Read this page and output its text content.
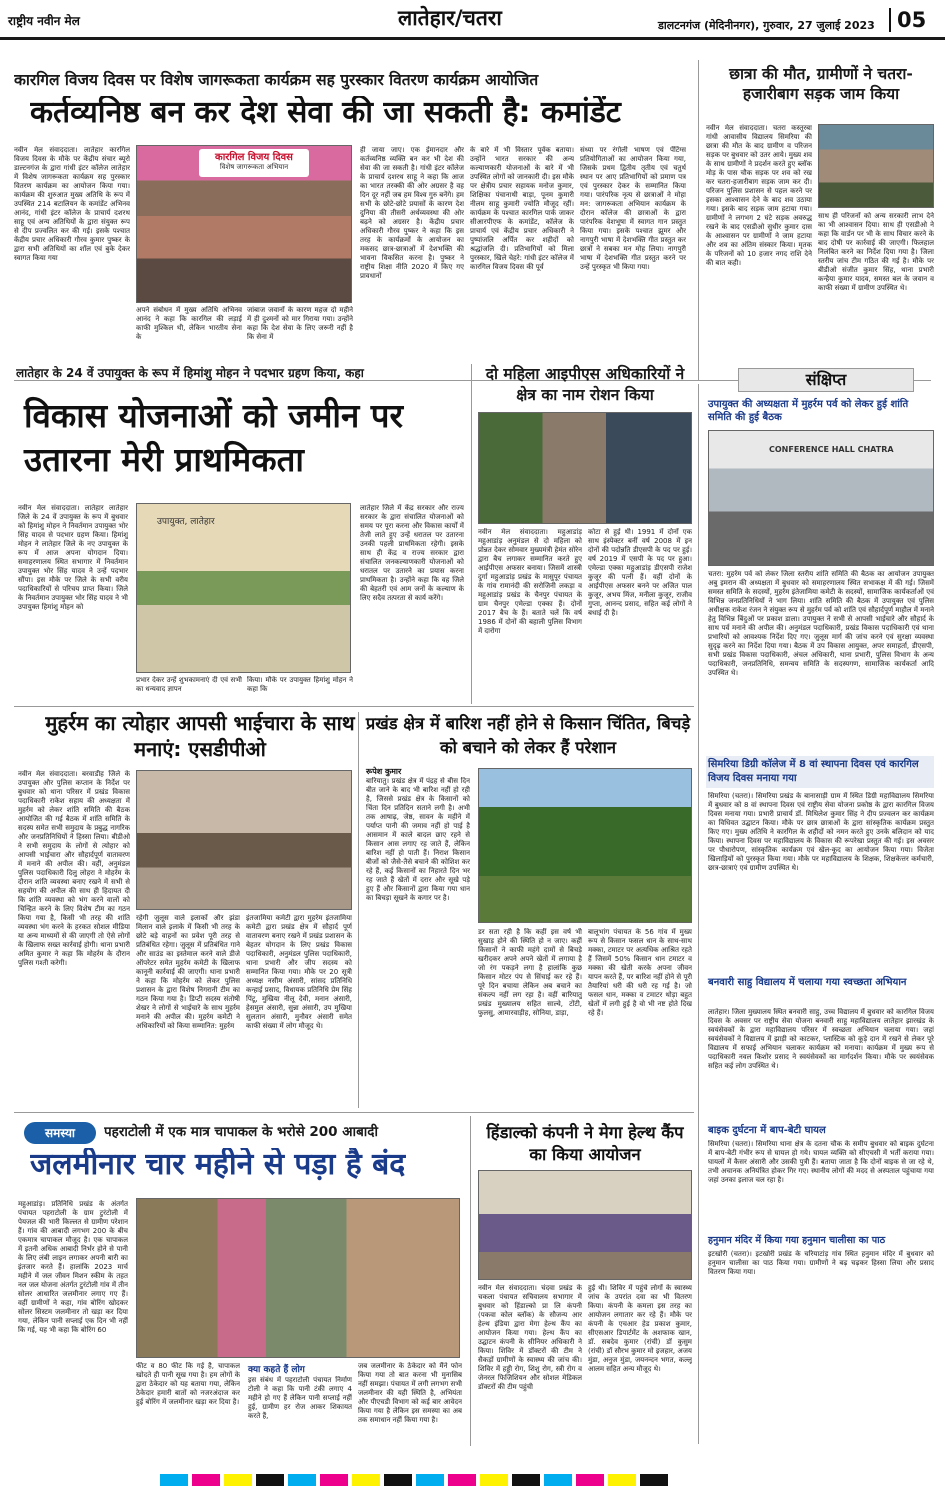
राष्ट्रीय नवीन मेल	लातेहार/चतरा	डालटनगंज (मेदिनीनगर), गुरुवार, 27 जुलाई 2023	05
कारगिल विजय दिवस पर विशेष जागरूकता कार्यक्रम सह पुरस्कार वितरण कार्यक्रम आयोजित
कर्तव्यनिष्ठ बन कर देश सेवा की जा सकती है: कमांडेंट
नवीन मेल संवाददाता। लातेहार कारगिल विजय दिवस के मौके पर केंद्रीय संचार ब्यूरो डाल्टनगंज के द्वारा गांधी इंटर कॉलेज लातेहार में विशेष जागरूकता कार्यक्रम सह पुरस्कार वितरण कार्यक्रम का आयोजन किया गया। कार्यक्रम की शुरुआत मुख्य अतिथि के रूप में उपस्थित 214 बटालियन के कमांडेंट अभिनव आनंद, गांधी इंटर कॉलेज के प्राचार्य दशरथ साहू एवं अन्य अतिथियों के द्वारा संयुक्त रूप से दीप प्रज्वलित कर की गई। इसके पश्चात केंद्रीय प्रचार अधिकारी गौरव कुमार पुष्कर के द्वारा सभी अतिथियों का शॉल एवं बुके देकर स्वागत किया गया
कारगिल विजय दिवस
विशेष जागरूकता अभियान
अपने संबोधन में मुख्य अतिथि अभिनव आनंद ने कहा कि कारगिल की लड़ाई काफी मुश्किल थी, लेकिन भारतीय सेना के
जांबाज जवानों के कारण महज दो महीने में ही दुश्मनों को मार गिराया गया। उन्होंने कहा कि देश सेवा के लिए जरूरी नहीं है कि सेना में
ही जाया जाए। एक ईमानदार और कर्तव्यनिष्ठ व्यक्ति बन कर भी देश की सेवा की जा सकती है। गांधी इंटर कॉलेज के प्राचार्य दशरथ साहू ने कहा कि आज का भारत तरक्की की ओर अग्रसर है वह दिन दूर नहीं जब हम विश्व गुरु बनेंगे। हम सभी के छोटे-छोटे प्रयासों के कारण देश दुनिया की तीसरी अर्थव्यवस्था की ओर बढ़ने को अग्रसर है। केंद्रीय प्रचार अधिकारी गौरव पुष्कर ने कहा कि इस तरह के कार्यक्रमों के आयोजन का मकसद छात्र-छात्राओं में देशभक्ति की भावना विकसित करना है। पुष्कर ने राष्ट्रीय शिक्षा नीति 2020 में किए गए प्रावधानों
के बारे में भी विस्तार पूर्वक बताया। उन्होंने भारत सरकार की अन्य कल्याणकारी योजनाओं के बारे में भी उपस्थित लोगों को जानकारी दी। इस मौके पर क्षेत्रीय प्रचार सहायक मनोज कुमार, शिक्षिका पंचानाथी बाड़ा, पूनम कुमारी नीलम साहू कुमारी ज्योति मौजूद रहीं। कार्यक्रम के पश्चात कारगिल पार्क जाकर सीआरपीएफ के कमांडेंट, कॉलेज के प्राचार्य एवं केंद्रीय प्रचार अधिकारी ने पुष्पांजलि अर्पित कर शहीदों को श्रद्धांजलि दी। प्रतिभागियों को मिला पुरस्कार, खिले चेहरे: गांधी इंटर कॉलेज में कारगिल विजय दिवस की पूर्व
संध्या पर रंगोली भाषण एवं पेंटिंग्स प्रतियोगिताओं का आयोजन किया गया, जिसके प्रथम द्वितीय तृतीय एवं चतुर्थ स्थान पर आए प्रतिभागियों को प्रमाण पत्र एवं पुरस्कार देकर के सम्मानित किया गया। पारंपरिक नृत्य से छात्राओं ने मोहा मन: जागरूकता अभियान कार्यक्रम के दौरान कॉलेज की छात्राओं के द्वारा पारंपरिक वेशभूषा में स्वागत गान प्रस्तुत किया गया। इसके पश्चात झूमर और नागपुरी भाषा में देशभक्ति गीत प्रस्तुत कर छात्रों ने सबका मन मोह लिया। नागपुरी भाषा में देशभक्ति गीत प्रस्तुत करने पर उन्हें पुरस्कृत भी किया गया।
छात्रा की मौत, ग्रामीणों ने चतरा-हजारीबाग सड़क जाम किया
नवीन मेल संवाददाता। चतरा कस्तूरबा गांधी आवासीय विद्यालय सिमरिया की छात्रा की मौत के बाद ग्रामीण व परिजन सड़क पर बुधवार को उतर आये। मुख्य शव के साथ ग्रामीणों ने प्रदर्शन करते हुए ब्लॉक मोड़ के पास चौक सड़क पर शव को रख कर चतरा-हजारीबाग सड़क जाम कर दी। परिजन पुलिस प्रशासन से पहल करने पर इसका आश्वासन देने के बाद शव उठाया गया। इसके बाद सड़क जाम हटाया गया। ग्रामीणों ने लगभग 2 घंटे सड़क अवरुद्ध रखने के बाद एसडीओ सुधीर कुमार दास के आश्वासन पर ग्रामीणों ने जाम हटाया और शव का अंतिम संस्कार किया। मृतक के परिजनों को 10 हजार नगद राशि देने की बात कही।
साथ ही परिजनों को अन्य सरकारी लाभ देने का भी आश्वासन दिया। साथ ही एसडीओ ने कहा कि वार्डन पर भी के साथ विचार करने के बाद दोषी पर कार्रवाई की जाएगी। फिलहाल निलंबित करने का निर्देश दिया गया है। जिला स्तरीय जांच टीम गठित की गई है। मौके पर बीडीओ संजीत कुमार सिंह, थाना प्रभारी कन्हैया कुमार यादव, समस्त बल के जवान व काफी संख्या में ग्रामीण उपस्थित थे।
लातेहार के 24 वें उपायुक्त के रूप में हिमांशु मोहन ने पदभार ग्रहण किया, कहा
विकास योजनाओं को जमीन पर उतारना मेरी प्राथमिकता
नवीन मेल संवाददाता। लातेहार लातेहार जिले के 24 वें उपायुक्त के रूप में बुधवार को हिमांशु मोहन ने निवर्तमान उपायुक्त भोर सिंह यादव से पदभार ग्रहण किया। हिमांशु मोहन ने लातेहार जिले के नए उपायुक्त के रूप में आज अपना योगदान दिया। समाहरणालय स्थित सभागार में निवर्तमान उपायुक्त भोर सिंह यादव ने उन्हें पदभार सौंपा। इस मौके पर जिले के सभी वरीय पदाधिकारियों से परिचय प्राप्त किया। जिले के निवर्तमान उपायुक्त भोर सिंह यादव ने भी उपायुक्त हिमांशु मोहन को
उपायुक्त, लातेहार
प्रभार देकर उन्हें शुभकामनाएं दी एवं सभी का धन्यवाद ज्ञापन
किया। मौके पर उपायुक्त हिमांशु मोहन ने कहा कि
लातेहार जिले में केंद्र सरकार और राज्य सरकार के द्वारा संचालित योजनाओं को समय पर पूरा करना और विकास कार्यों में तेजी लाते हुए उन्हें धरातल पर उतारना उनकी पहली प्राथमिकता रहेगी। इसके साथ ही केंद्र व राज्य सरकार द्वारा संचालित जनकल्याणकारी योजनाओं को धरातल पर उतारने का प्रयास करना प्राथमिकता है। उन्होंने कहा कि वह जिले की बेहतरी एवं आम जनों के कल्याण के लिए सदैव तत्परता से कार्य करेंगे।
दो महिला आइपीएस अधिकारियों ने क्षेत्र का नाम रोशन किया
नवीन मेल संवाददाता। महुआडांड़ महुआडांड़ अनुमंडल से दो महिला को प्रोन्नत देकर सोमवार मुख्यमंत्री हेमंत सोरेन द्वारा बैच लगाकर सम्मानित करते हुए आईपीएस अफसर बनाया। जिसमें शास्त्री दुर्गा महुआडांड़ प्रखंड के मासुपूर पंचायत के गांव रामानंदी की सरोजिनी लकड़ा व महुआडांड़ प्रखंड के चैनपुर पंचायत के ग्राम चैनपुर एमेल्डा एक्का हैं। दोनों 2017 बैच के हैं। बताते चलें कि वर्ष 1986 में दोनों की बहाली पुलिस विभाग में दारोगा
कोटा से हुई थी। 1991 में दोनों एक साथ इंस्पेक्टर बनीं वर्ष 2008 में इन दोनों की पदोन्नति डीएसपी के पद पर हुई। वर्ष 2019 में एसपी के पद पर हुआ। एमेल्डा एक्का महुआडांड़ डीएसपी राजेश कुजूर की पत्नी हैं। वहीं दोनों के आईपीएस अफसर बनने पर अजित पाल कुजूर, अभय मिंज, मनीला कुजूर, राजीव गुप्ता, आनन्द प्रसाद, सहित कई लोगों ने बधाई दी है।
मुहर्रम का त्योहार आपसी भाईचारा के साथ मनाएं: एसडीपीओ
नवीन मेल संवाददाता। बरवाडीह जिले के उपायुक्त और पुलिस कप्तान के निर्देश पर बुधवार को थाना परिसर में प्रखंड विकास पदाधिकारी राकेश सहाय की अध्यक्षता में मुहर्रम को लेकर शांति समिति की बैठक आयोजित की गई बैठक में शांति समिति के सदस्य समेत सभी समुदाय के प्रबुद्ध नागरिक और जनप्रतिनिधियों ने हिस्सा लिया। बीडीओ ने सभी समुदाय के लोगों से त्योहार को आपसी भाईचारा और सौहार्दपूर्ण वातावरण में मनाने की अपील की। वहीं, अनुमंडल पुलिस पदाधिकारी दिलु लोहरा ने मोहर्रम के दौरान शांति व्यवस्था बनाए रखने में सभी से सहयोग की अपील की साथ ही हिदायत दी कि शांति व्यवस्था को भंग करने वालों को चिन्हित करने के लिए विशेष टीम का गठन किया गया है, किसी भी तरह की शांति व्यवस्था भंग करने के हरकत सोशल मीडिया या अन्य माध्यमों से की जाएगी तो ऐसे लोगों के खिलाफ सख्त कार्रवाई होगी। थाना प्रभारी अमित कुमार ने कहा कि मोहर्रम के दौरान पुलिस गश्ती करेगी।
रहेगी जुलूस वाले इलाकों और झंडा मिलान वाले इलाके में किसी भी तरह के छोटे बड़े वाहनों का प्रवेश पूरी तरह से प्रतिबंधित रहेगा। जुलूस में प्रतिबंधित गाने और साउंड का इस्तेमाल करने वाले डीजे ऑपरेटर समेत मुहर्रम कमेटी के खिलाफ कानूनी कार्रवाई की जाएगी। थाना प्रभारी ने कहा कि मोहर्रम को लेकर पुलिस प्रशासन के द्वारा विशेष निगरानी टीम का गठन किया गया है। डिप्टी सदस्य संतोषी शेखर ने लोगों से भाईचारे के साथ मुहर्रम मनाने की अपील की। मुहर्रम कमेटी ने अधिकारियों को किया सम्मानित: मुहर्रम
इंतजामिया कमेटी द्वारा मुहर्रम इंतजामिया कमेटी द्वारा प्रखंड क्षेत्र में सौहार्द पूर्ण वातावरण बनाए रखने में प्रखंड प्रशासन के बेहतर योगदान के लिए प्रखंड विकास पदाधिकारी, अनुमंडल पुलिस पदाधिकारी, थाना प्रभारी और जीप सदस्य को सम्मानित किया गया। मौके पर 20 सूत्री अध्यक्ष नसीम अंसारी, सांसद प्रतिनिधि कन्हाई प्रसाद, विधायक प्रतिनिधि प्रेम सिंह पिंटू, मुखिया नीलू देवी, मनान अंसारी, हेसमुल अंसारी, सुन्ना अंसारी, उप मुखिया सुलतान अंसारी, मुनौवर अंसारी समेत काफी संख्या में लोग मौजूद थे।
प्रखंड क्षेत्र में बारिश नहीं होने से किसान चिंतित, बिचड़े को बचाने को लेकर हैं परेशान
रूपेश कुमार
बारियातु। प्रखंड क्षेत्र में पंद्रह से बीस दिन बीत जाने के बाद भी बारिश नहीं हो रही है, जिससे प्रखंड क्षेत्र के किसानों को चिंता दिन प्रतिदिन सताने लगी है। अभी तक आषाढ़, जेष्ठ, सावन के महीने में पर्याप्त पानी की जमाव नहीं हो पाई है आसमान में काले बादल छाए रहने से किसान आस लगाए रह जाते हैं, लेकिन बारिश नहीं हो पाती हैं। निराश किसान बीजों को जैसे-तैसे बचाने की कोशिश कर रहे हैं, कई किसानों का निहारते दिन भर रह जाते हैं खेतों में दरार और सूखे पड़े हुए हैं और किसानों द्वारा किया गया धान का बिचड़ा सूखने के कगार पर है।
डर सता रही है कि कहीं इस वर्ष भी सुखाड़ होने की स्थिति हो न जाए। कहीं किसानों ने काफी महंगे दामों से बिचड़े खरीदकर अपने अपने खेतों में लगाया है जो रंग पकड़ने लगा है हालांकि कुछ किसान मोटर पंप से सिंचाई कर रहे हैं। पूरे दिन बचाया लेकिन अब बचाने का संकल्प नहीं लग रहा है। वहीं बारियातु प्रखंड मुख्यालय सहित साल्वे, टोंटी, फुलसु, आमारवाड़ीह, सोनिया, डाड़ा,
बालूभांग पंचायत के 56 गांव में मुख्य रूप से किसान फसल धान के साथ-साथ मक्का, टमाटर पर अत्यधिक आश्रित रहते हैं जिसमें 50% किसान धान टमाटर व मक्का की खेती करके अपना जीवन यापन करते हैं, पर बारिश नहीं होने से पूरी तैयारियां धरी की धरी रह गई है। जो फसल धान, मक्का व टमाटर थोड़ा बहुत खेतों में लगी हुई है वो भी नष्ट होते दिख रहे हैं।
समस्या	पहराटोली में एक मात्र चापाकल के भरोसे 200 आबादी
जलमीनार चार महीने से पड़ा है बंद
महुआडांड़। प्रतिनिधि प्रखंड के अंतर्गत पंचायत पहराटोली के ग्राम टुरंटोली में पेयजल की भारी किल्लत से ग्रामीण परेशान हैं। गांव की आबादी लगभग 200 के बीच एकमात्र चापाकल मौजूद है। एक चापाकल में इतनी अधिक आबादी निर्भर होने से पानी के लिए लंबी लाइन लगाकर अपनी बारी का इंतजार करते हैं। हालांकि 2023 मार्च महीने में जल जीवन मिशन स्कीम के तहत नल जल योजना अंतर्गत टुरंटोली गांव में तीन सोलर आधारित जलमीनार लगाए गए हैं। वहीं ग्रामीणों ने कहा, गांव बोरिंग खोदकर सोलर सिस्टम जलमीनार तो खड़ा कर दिया गया, लेकिन पानी सप्लाई एक दिन भी नहीं कि गई, यह भी कहा कि बोरिंग 60
फीट व 80 फीट कि गई है, चापाकल खोदते ही पानी सूख गया है। हम लोगों के द्वारा ठेकेदार को यह बताया गया, लेकिन ठेकेदार हमारी बातों को नजरअंदाज कर हुई बोरिंग में जलमीनार खड़ा कर दिया है।
क्या कहते हैं लोग
इस संबंध में पहराटोली पंचायत निर्माण टोली ने कहा कि पानी टंकी लगाए 4 महीने हो गए हैं लेकिन पानी सप्लाई नहीं हुई, ग्रामीण हर रोज आकर शिकायत करते हैं,
जब जलमीनार के ठेकेदार को मैंने फोन किया गया तो बात करना भी मुनासिब नहीं समझा। पंचायत में लगी लगभग सभी जलमीनार की यही स्थिति है, अभियंता और पीएचडी विभाग को कई बार आवेदन किया गया है लेकिन इस समस्या का अब तक समाधान नहीं किया गया है।
हिंडाल्को कंपनी ने मेगा हेल्थ कैंप का किया आयोजन
नवीन मेल संवाददाता। चंदवा प्रखंड के चकला पंचायत सचिवालय सभागार में बुधवार को हिंडाल्को प्रा लि कंपनी (पकवा कोल ब्लॉक) के सौजन्य आर हेल्थ इंडिया द्वारा मेगा हेल्थ कैंप का आयोजन किया गया। हेल्थ कैंप का उद्घाटन कंपनी के सीनियर अधिकारी ने किया। शिविर में डॉक्टरों की टीम ने सैकड़ों ग्रामीणों के स्वास्थ्य की जांच की। शिविर में हड्डी रोग, शिशु रोग, स्त्री रोग व जेनरल फिजिशियन और सोशल मेडिकल डॉक्टरों की टीम पहुंची
हुई थी। शिविर में पहुंचे लोगों के स्वास्थ्य जांच के उपरांत दवा का भी वितरण किया। कंपनी के कमला इस तरह का आयोजन लगातार कर रहे हैं। मौके पर कंपनी के एचआर हेड प्रकाश कुमार, सीएसआर डिपार्टमेंट के अशफाक खान, डॉ. सबदेव कुमार (रांची) डॉ कुसुम (रांची) डॉ सौरभ कुमार मो इजहार, अजय मुंडा, अनुज मुंडा, जयनन्दन भगत, कल्लू आलम सहित अन्य मौजूद थे।
संक्षिप्त
उपायुक्त की अध्यक्षता में मुहर्रम पर्व को लेकर हुई शांति समिति की हुई बैठक
CONFERENCE HALL CHATRA
चतरा: मुहर्रम पर्व को लेकर जिला स्तरीय शांति समिति की बैठक का आयोजन उपायुक्त अबु इमरान की अध्यक्षता में बुधवार को समाहरणालय स्थित सभाकक्ष में की गई। जिसमें समस्त समिति के सदस्यों, मुहर्रम इंतेजामिया कमेटी के सदस्यों, सामाजिक कार्यकर्ताओं एवं विभिन्न जनप्रतिनिधियों ने भाग लिया। शांति समिति की बैठक में उपायुक्त एवं पुलिस अधीक्षक राकेश रंजन ने संयुक्त रूप से मुहर्रम पर्व को शांति एवं सौहार्दपूर्ण माहौल में मनाने हेतु विभिन्न बिंदुओं पर प्रकाश डाला। उपायुक्त ने सभी से आपसी भाईचारे और सौहार्द के साथ पर्व मनाने की अपील की। अनुमंडल पदाधिकारी, प्रखंड विकास पदाधिकारी एवं थाना प्रभारियों को आवश्यक निर्देश दिए गए। जुलूस मार्ग की जांच करने एवं सुरक्षा व्यवस्था सुदृढ़ करने का निर्देश दिया गया। बैठक में उप विकास आयुक्त, अपर समाहर्ता, डीएसपी, सभी प्रखंड विकास पदाधिकारी, अंचल अधिकारी, थाना प्रभारी, पुलिस विभाग के अन्य पदाधिकारी, जनप्रतिनिधि, समन्वय समिति के सदस्यगण, सामाजिक कार्यकर्ता आदि उपस्थित थे।
सिमरिया डिग्री कॉलेज में 8 वां स्थापना दिवस एवं कारगिल विजय दिवस मनाया गया
सिमरिया (चतरा)। सिमरिया प्रखंड के बानासाड़ी ग्राम में स्थित डिग्री महाविद्यालय सिमरिया में बुधवार को 8 वां स्थापना दिवस एवं राष्ट्रीय सेवा योजना प्रकोष्ठ के द्वारा कारगिल विजय दिवस मनाया गया। प्रभारी प्राचार्य डॉ. मिथिलेश कुमार सिंह ने दीप प्रज्वलन कर कार्यक्रम का विधिवत उद्घाटन किया। मौके पर छात्र छात्राओं के द्वारा सांस्कृतिक कार्यक्रम प्रस्तुत किए गए। मुख्य अतिथि ने कारगिल के शहीदों को नमन करते हुए उनके बलिदान को याद किया। स्थापना दिवस पर महाविद्यालय के विकास की रूपरेखा प्रस्तुत की गई। इस अवसर पर पौधारोपण, सांस्कृतिक कार्यक्रम एवं खेल-कूद का आयोजन किया गया। विजेता खिलाड़ियों को पुरस्कृत किया गया। मौके पर महाविद्यालय के शिक्षक, शिक्षकेत्तर कर्मचारी, छात्र-छात्राएं एवं ग्रामीण उपस्थित थे।
बनवारी साहु विद्यालय में चलाया गया स्वच्छता अभियान
लातेहार। जिला मुख्यालय स्थित बनवारी साहु, उच्च विद्यालय में बुधवार को कारगिल विजय दिवस के अवसर पर राष्ट्रीय सेवा योजना बनवारी साहु महाविद्यालय लातेहार झारखंड के स्वयंसेवकों के द्वारा महाविद्यालय परिसर में स्वच्छता अभियान चलाया गया। जहां स्वयंसेवकों ने विद्यालय में झाड़ी को काटकर, प्लास्टिक को कूड़े दान में रखने से लेकर पूरे विद्यालय में सफाई अभियान चलाकर कार्यक्रम को मनाया। कार्यक्रम में मुख्य रूप से पदाधिकारी नवल किशोर प्रसाद ने स्वयंसेवकों का मार्गदर्शन किया। मौके पर स्वयंसेवक सहित कई लोग उपस्थित थे।
बाइक दुर्घटना में बाप-बेटी घायल
सिमरिया (चतरा)। सिमरिया थाना क्षेत्र के दतना चौक के समीप बुधवार को बाइक दुर्घटना में बाप-बेटी गंभीर रूप से घायल हो गये। घायल व्यक्ति को सीएचसी में भर्ती कराया गया। घायलों में कैसर अंसारी और उसकी पुत्री हैं। बताया जाता है कि दोनों बाइक से जा रहे थे, तभी अचानक अनियंत्रित होकर गिर गए। स्थानीय लोगों की मदद से अस्पताल पहुंचाया गया जहां उनका इलाज चल रहा है।
हनुमान मंदिर में किया गया हनुमान चालीसा का पाठ
इटखोरी (चतरा)। इटखोरी प्रखंड के चरियाटांड़ गांव स्थित हनुमान मंदिर में बुधवार को हनुमान चालीसा का पाठ किया गया। ग्रामीणों ने बढ़ चढ़कर हिस्सा लिया और प्रसाद वितरण किया गया।
